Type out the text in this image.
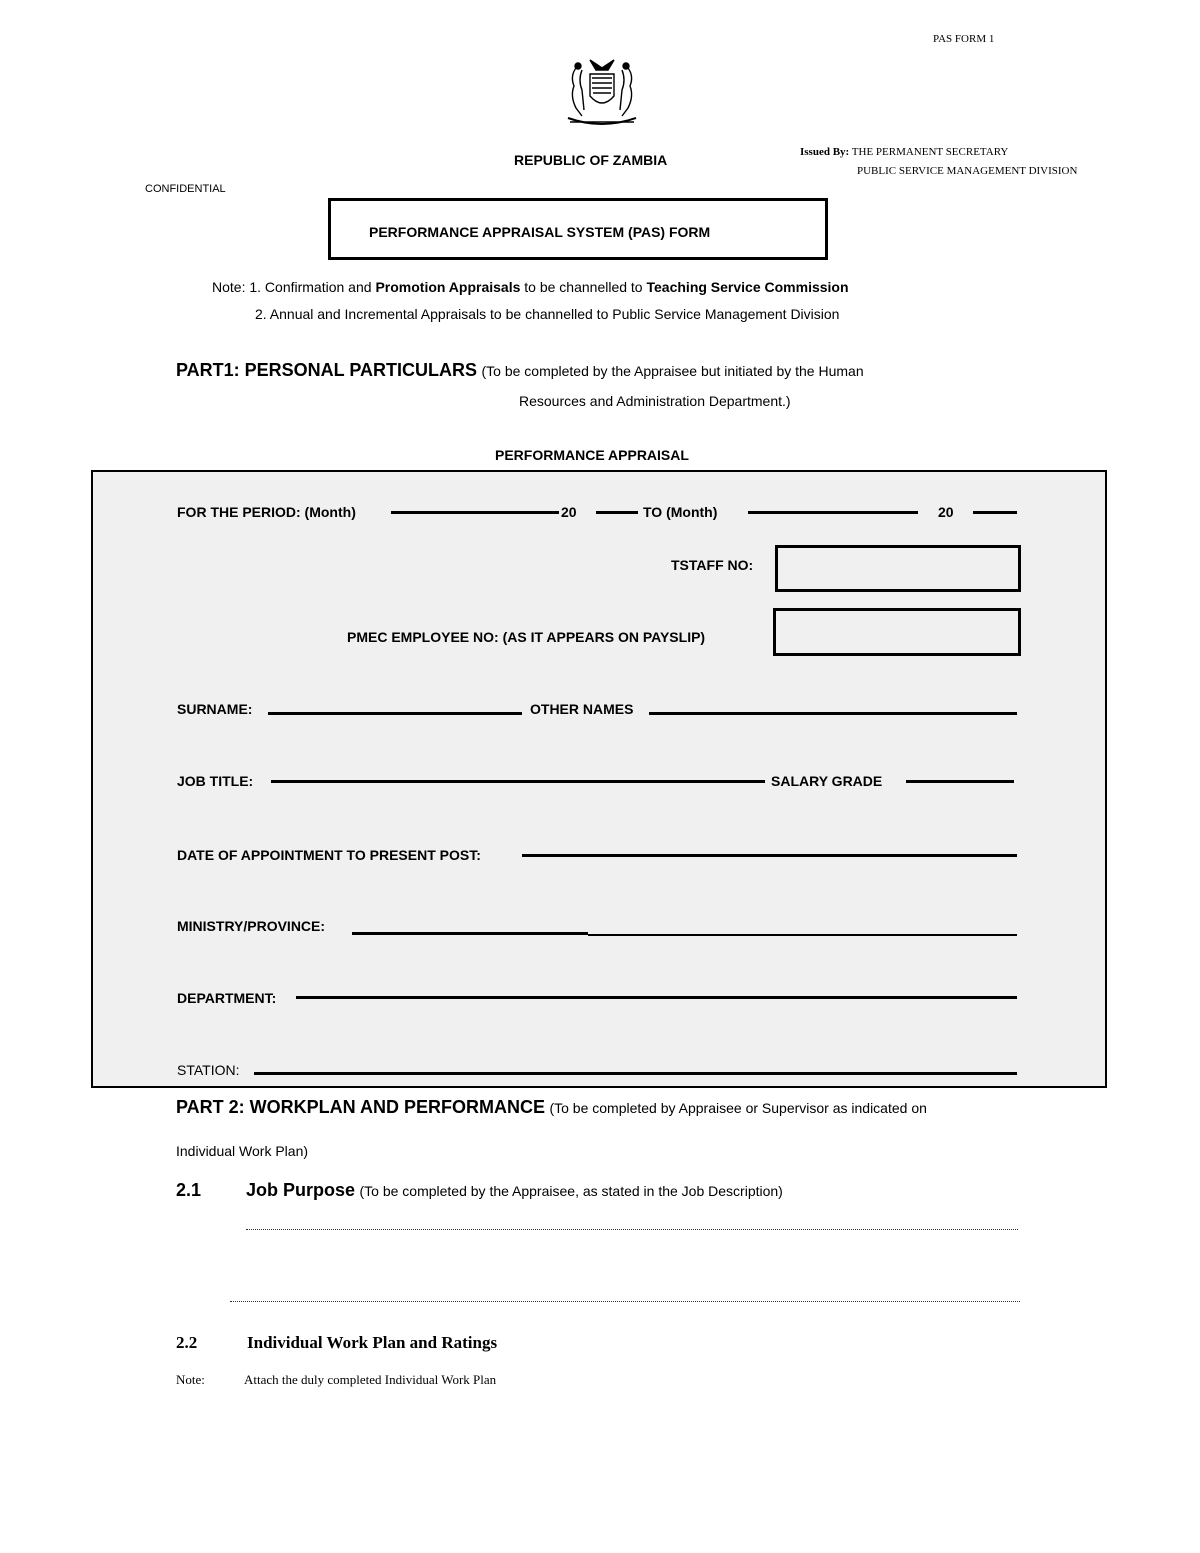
PAS FORM 1
REPUBLIC OF ZAMBIA	Issued By: THE PERMANENT SECRETARY
PUBLIC SERVICE MANAGEMENT DIVISION
CONFIDENTIAL
PERFORMANCE APPRAISAL SYSTEM (PAS) FORM
Note: 1. Confirmation and Promotion Appraisals to be channelled to Teaching Service Commission
2. Annual and Incremental Appraisals to be channelled to Public Service Management Division
PART1: PERSONAL PARTICULARS (To be completed by the Appraisee but initiated by the Human
Resources and Administration Department.)
PERFORMANCE APPRAISAL
FOR THE PERIOD: (Month)	20	TO (Month)	20
TSTAFF NO:
PMEC EMPLOYEE NO: (AS IT APPEARS ON PAYSLIP)
SURNAME:	OTHER NAMES
JOB TITLE:	SALARY GRADE
DATE OF APPOINTMENT TO PRESENT POST:
MINISTRY/PROVINCE:
DEPARTMENT:
STATION:
PART 2: WORKPLAN AND PERFORMANCE (To be completed by Appraisee or Supervisor as indicated on
Individual Work Plan)
2.1 Job Purpose (To be completed by the Appraisee, as stated in the Job Description)
2.2	Individual Work Plan and Ratings
Note:	Attach the duly completed Individual Work Plan
